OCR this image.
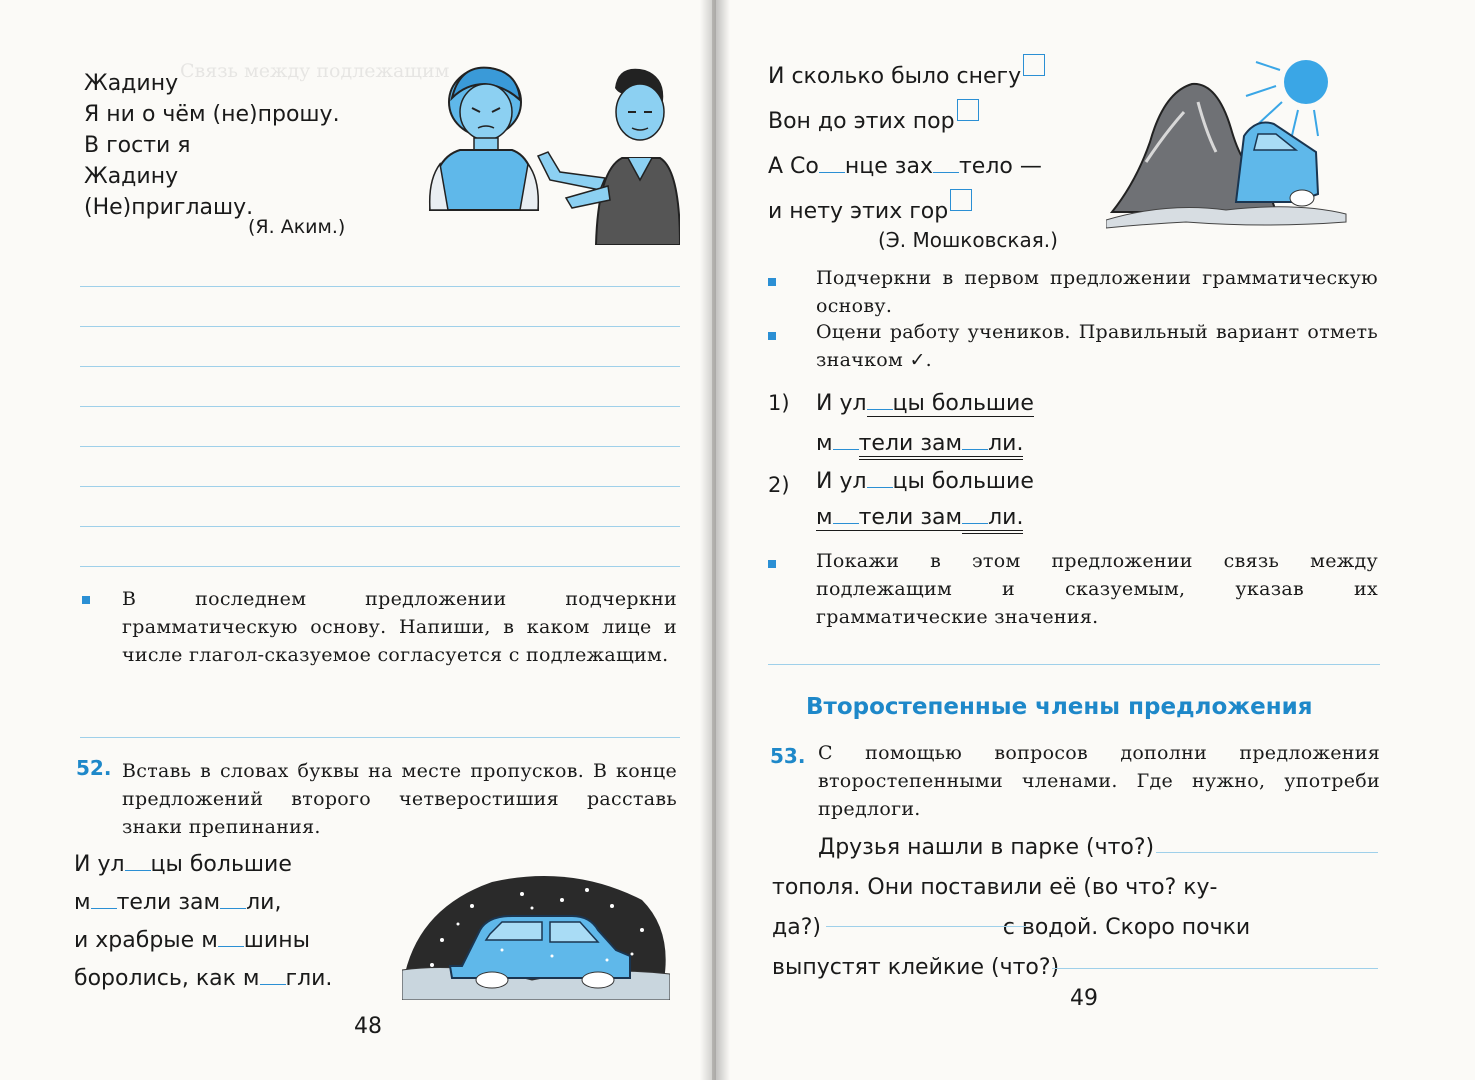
Связь между подлежащим
Жадину
Я ни о чём (не)прошу.
В гости я
Жадину
(Не)приглашу.
(Я. Аким.)
В последнем предложении подчеркни грамматическую основу. Напиши, в каком лице и числе глагол-сказуемое согласуется с подлежащим.
52. Вставь в словах буквы на месте пропусков. В конце предложений второго четверостишия расставь знаки препинания.
И ул цы большие
м тели зам ли,
и храбрые м шины
боролись, как м гли.
48
И сколько было снегу
Вон до этих пор
А Со нце зах тело —
и нету этих гор
(Э. Мошковская.)
Подчеркни в первом предложении грамматическую основу.
Оцени работу учеников. Правильный вариант отметь значком ✓.
1) И ул цы большие
м тели зам ли.
2) И ул цы большие
м тели зам ли.
Покажи в этом предложении связь между подлежащим и сказуемым, указав их грамматические значения.
Второстепенные члены предложения
53. С помощью вопросов дополни предложения второстепенными членами. Где нужно, употреби предлоги.
Друзья нашли в парке (что?)
тополя. Они поставили её (во что? ку-
да?)                          с водой. Скоро почки
выпустят клейкие (что?)
49
